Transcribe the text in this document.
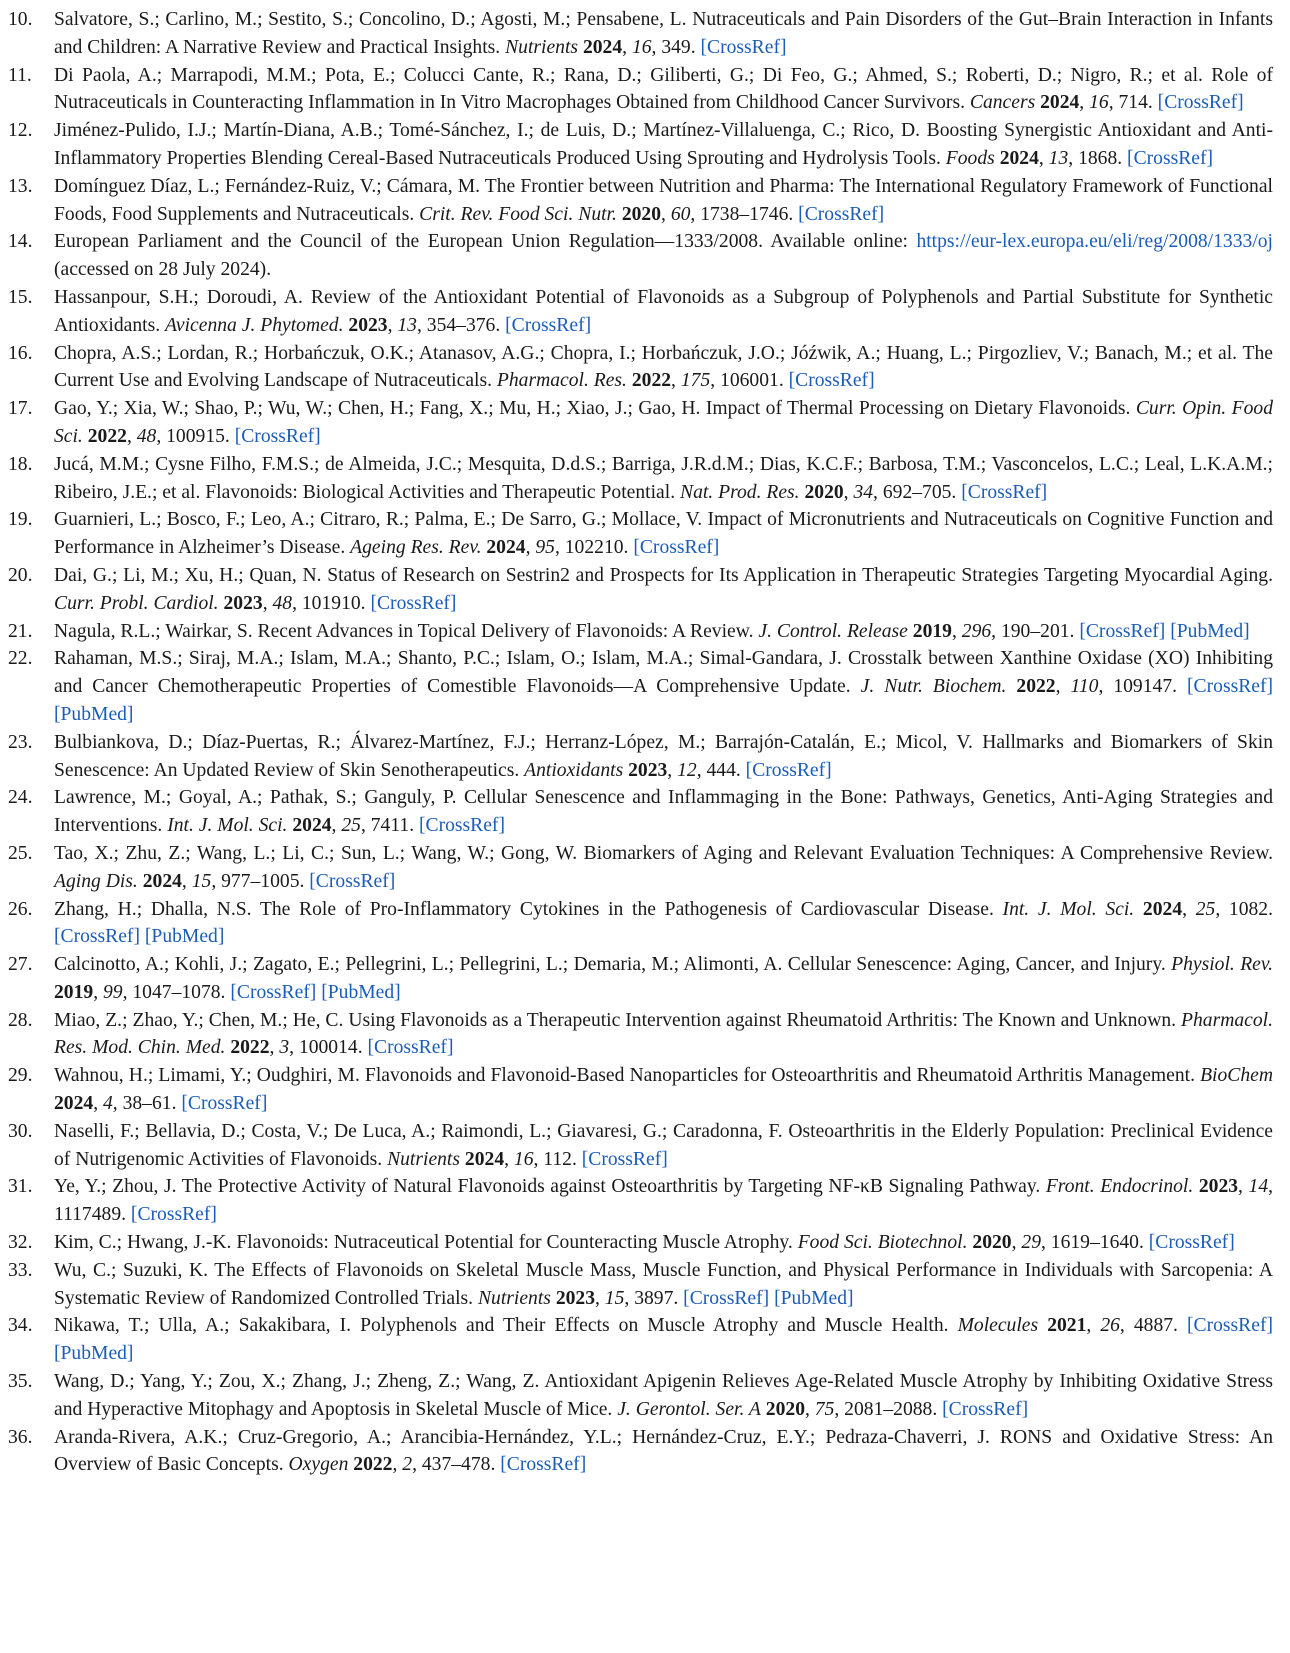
10. Salvatore, S.; Carlino, M.; Sestito, S.; Concolino, D.; Agosti, M.; Pensabene, L. Nutraceuticals and Pain Disorders of the Gut–Brain Interaction in Infants and Children: A Narrative Review and Practical Insights. Nutrients 2024, 16, 349. [CrossRef]
11. Di Paola, A.; Marrapodi, M.M.; Pota, E.; Colucci Cante, R.; Rana, D.; Giliberti, G.; Di Feo, G.; Ahmed, S.; Roberti, D.; Nigro, R.; et al. Role of Nutraceuticals in Counteracting Inflammation in In Vitro Macrophages Obtained from Childhood Cancer Survivors. Cancers 2024, 16, 714. [CrossRef]
12. Jiménez-Pulido, I.J.; Martín-Diana, A.B.; Tomé-Sánchez, I.; de Luis, D.; Martínez-Villaluenga, C.; Rico, D. Boosting Synergistic Antioxidant and Anti-Inflammatory Properties Blending Cereal-Based Nutraceuticals Produced Using Sprouting and Hydrolysis Tools. Foods 2024, 13, 1868. [CrossRef]
13. Domínguez Díaz, L.; Fernández-Ruiz, V.; Cámara, M. The Frontier between Nutrition and Pharma: The International Regulatory Framework of Functional Foods, Food Supplements and Nutraceuticals. Crit. Rev. Food Sci. Nutr. 2020, 60, 1738–1746. [CrossRef]
14. European Parliament and the Council of the European Union Regulation—1333/2008. Available online: https://eur-lex.europa.eu/eli/reg/2008/1333/oj (accessed on 28 July 2024).
15. Hassanpour, S.H.; Doroudi, A. Review of the Antioxidant Potential of Flavonoids as a Subgroup of Polyphenols and Partial Substitute for Synthetic Antioxidants. Avicenna J. Phytomed. 2023, 13, 354–376. [CrossRef]
16. Chopra, A.S.; Lordan, R.; Horbańczuk, O.K.; Atanasov, A.G.; Chopra, I.; Horbańczuk, J.O.; Jóźwik, A.; Huang, L.; Pirgozliev, V.; Banach, M.; et al. The Current Use and Evolving Landscape of Nutraceuticals. Pharmacol. Res. 2022, 175, 106001. [CrossRef]
17. Gao, Y.; Xia, W.; Shao, P.; Wu, W.; Chen, H.; Fang, X.; Mu, H.; Xiao, J.; Gao, H. Impact of Thermal Processing on Dietary Flavonoids. Curr. Opin. Food Sci. 2022, 48, 100915. [CrossRef]
18. Jucá, M.M.; Cysne Filho, F.M.S.; de Almeida, J.C.; Mesquita, D.d.S.; Barriga, J.R.d.M.; Dias, K.C.F.; Barbosa, T.M.; Vasconcelos, L.C.; Leal, L.K.A.M.; Ribeiro, J.E.; et al. Flavonoids: Biological Activities and Therapeutic Potential. Nat. Prod. Res. 2020, 34, 692–705. [CrossRef]
19. Guarnieri, L.; Bosco, F.; Leo, A.; Citraro, R.; Palma, E.; De Sarro, G.; Mollace, V. Impact of Micronutrients and Nutraceuticals on Cognitive Function and Performance in Alzheimer’s Disease. Ageing Res. Rev. 2024, 95, 102210. [CrossRef]
20. Dai, G.; Li, M.; Xu, H.; Quan, N. Status of Research on Sestrin2 and Prospects for Its Application in Therapeutic Strategies Targeting Myocardial Aging. Curr. Probl. Cardiol. 2023, 48, 101910. [CrossRef]
21. Nagula, R.L.; Wairkar, S. Recent Advances in Topical Delivery of Flavonoids: A Review. J. Control. Release 2019, 296, 190–201. [CrossRef] [PubMed]
22. Rahaman, M.S.; Siraj, M.A.; Islam, M.A.; Shanto, P.C.; Islam, O.; Islam, M.A.; Simal-Gandara, J. Crosstalk between Xanthine Oxidase (XO) Inhibiting and Cancer Chemotherapeutic Properties of Comestible Flavonoids—A Comprehensive Update. J. Nutr. Biochem. 2022, 110, 109147. [CrossRef] [PubMed]
23. Bulbiankova, D.; Díaz-Puertas, R.; Álvarez-Martínez, F.J.; Herranz-López, M.; Barrajón-Catalán, E.; Micol, V. Hallmarks and Biomarkers of Skin Senescence: An Updated Review of Skin Senotherapeutics. Antioxidants 2023, 12, 444. [CrossRef]
24. Lawrence, M.; Goyal, A.; Pathak, S.; Ganguly, P. Cellular Senescence and Inflammaging in the Bone: Pathways, Genetics, Anti-Aging Strategies and Interventions. Int. J. Mol. Sci. 2024, 25, 7411. [CrossRef]
25. Tao, X.; Zhu, Z.; Wang, L.; Li, C.; Sun, L.; Wang, W.; Gong, W. Biomarkers of Aging and Relevant Evaluation Techniques: A Comprehensive Review. Aging Dis. 2024, 15, 977–1005. [CrossRef]
26. Zhang, H.; Dhalla, N.S. The Role of Pro-Inflammatory Cytokines in the Pathogenesis of Cardiovascular Disease. Int. J. Mol. Sci. 2024, 25, 1082. [CrossRef] [PubMed]
27. Calcinotto, A.; Kohli, J.; Zagato, E.; Pellegrini, L.; Pellegrini, L.; Demaria, M.; Alimonti, A. Cellular Senescence: Aging, Cancer, and Injury. Physiol. Rev. 2019, 99, 1047–1078. [CrossRef] [PubMed]
28. Miao, Z.; Zhao, Y.; Chen, M.; He, C. Using Flavonoids as a Therapeutic Intervention against Rheumatoid Arthritis: The Known and Unknown. Pharmacol. Res. Mod. Chin. Med. 2022, 3, 100014. [CrossRef]
29. Wahnou, H.; Limami, Y.; Oudghiri, M. Flavonoids and Flavonoid-Based Nanoparticles for Osteoarthritis and Rheumatoid Arthritis Management. BioChem 2024, 4, 38–61. [CrossRef]
30. Naselli, F.; Bellavia, D.; Costa, V.; De Luca, A.; Raimondi, L.; Giavaresi, G.; Caradonna, F. Osteoarthritis in the Elderly Population: Preclinical Evidence of Nutrigenomic Activities of Flavonoids. Nutrients 2024, 16, 112. [CrossRef]
31. Ye, Y.; Zhou, J. The Protective Activity of Natural Flavonoids against Osteoarthritis by Targeting NF-κB Signaling Pathway. Front. Endocrinol. 2023, 14, 1117489. [CrossRef]
32. Kim, C.; Hwang, J.-K. Flavonoids: Nutraceutical Potential for Counteracting Muscle Atrophy. Food Sci. Biotechnol. 2020, 29, 1619–1640. [CrossRef]
33. Wu, C.; Suzuki, K. The Effects of Flavonoids on Skeletal Muscle Mass, Muscle Function, and Physical Performance in Individuals with Sarcopenia: A Systematic Review of Randomized Controlled Trials. Nutrients 2023, 15, 3897. [CrossRef] [PubMed]
34. Nikawa, T.; Ulla, A.; Sakakibara, I. Polyphenols and Their Effects on Muscle Atrophy and Muscle Health. Molecules 2021, 26, 4887. [CrossRef] [PubMed]
35. Wang, D.; Yang, Y.; Zou, X.; Zhang, J.; Zheng, Z.; Wang, Z. Antioxidant Apigenin Relieves Age-Related Muscle Atrophy by Inhibiting Oxidative Stress and Hyperactive Mitophagy and Apoptosis in Skeletal Muscle of Mice. J. Gerontol. Ser. A 2020, 75, 2081–2088. [CrossRef]
36. Aranda-Rivera, A.K.; Cruz-Gregorio, A.; Arancibia-Hernández, Y.L.; Hernández-Cruz, E.Y.; Pedraza-Chaverri, J. RONS and Oxidative Stress: An Overview of Basic Concepts. Oxygen 2022, 2, 437–478. [CrossRef]
